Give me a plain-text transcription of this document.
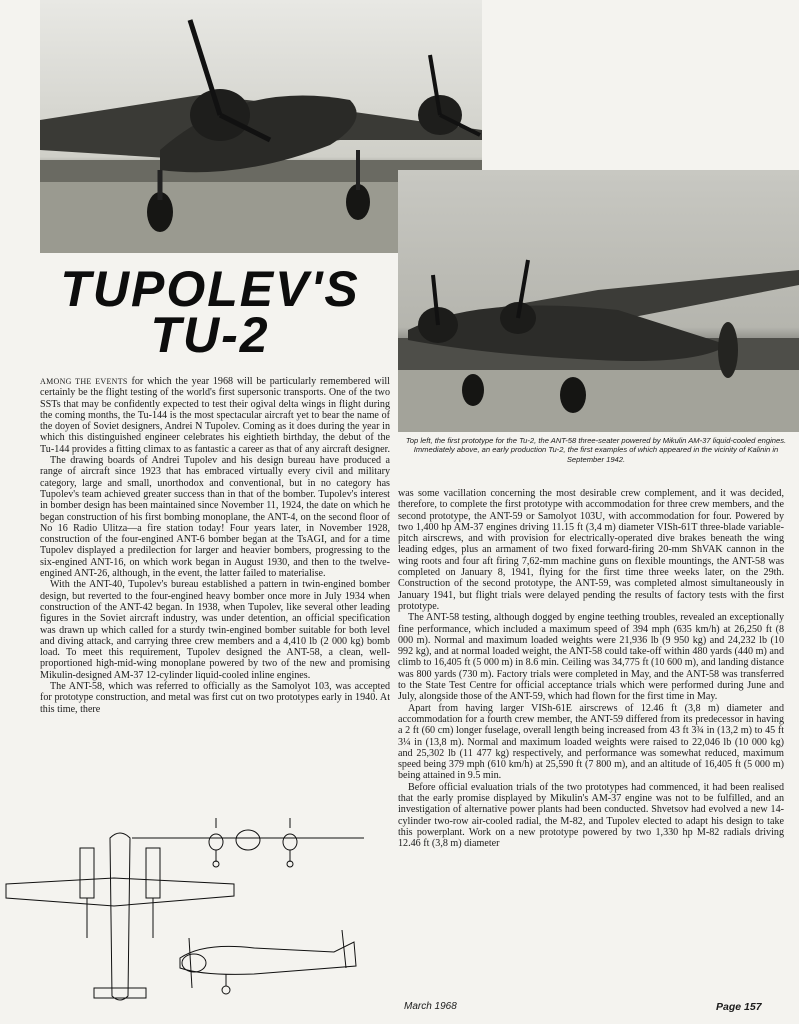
Top left, the first prototype for the Tu-2, the ANT-58 three-seater powered by Mikulin AM-37 liquid-cooled engines. Immediately above, an early production Tu-2, the first examples of which appeared in the vicinity of Kalinin in September 1942.
TUPOLEV'S
TU-2

AMONG THE EVENTS for which the year 1968 will be particularly remembered will certainly be the flight testing of the world's first supersonic transports. One of the two SSTs that may be confidently expected to test their ogival delta wings in flight during the coming months, the Tu-144 is the most spectacular aircraft yet to bear the name of the doyen of Soviet designers, Andrei N Tupolev. Coming as it does during the year in which this distinguished engineer celebrates his eightieth birthday, the debut of the Tu-144 provides a fitting climax to as fantastic a career as that of any aircraft designer.

The drawing boards of Andrei Tupolev and his design bureau have produced a range of aircraft since 1923 that has embraced virtually every civil and military category, large and small, unorthodox and conventional, but in no category has Tupolev's team achieved greater success than in that of the bomber. Tupolev's interest in bomber design has been maintained since November 11, 1924, the date on which he began construction of his first bombing monoplane, the ANT-4, on the second floor of No 16 Radio Ulitza—a fire station today! Four years later, in November 1928, construction of the four-engined ANT-6 bomber began at the TsAGI, and for a time Tupolev displayed a predilection for larger and heavier bombers, progressing to the six-engined ANT-16, on which work began in August 1930, and then to the twelve-engined ANT-26, although, in the event, the latter failed to materialise.

With the ANT-40, Tupolev's bureau established a pattern in twin-engined bomber design, but reverted to the four-engined heavy bomber once more in July 1934 when construction of the ANT-42 began. In 1938, when Tupolev, like several other leading figures in the Soviet aircraft industry, was under detention, an official specification was drawn up which called for a sturdy twin-engined bomber suitable for both level and diving attack, and carrying three crew members and a 4,410 lb (2 000 kg) bomb load. To meet this requirement, Tupolev designed the ANT-58, a clean, well-proportioned high-mid-wing monoplane powered by two of the new and promising Mikulin-designed AM-37 12-cylinder liquid-cooled inline engines.

The ANT-58, which was referred to officially as the Samolyot 103, was accepted for prototype construction, and metal was first cut on two prototypes early in 1940. At this time, there

was some vacillation concerning the most desirable crew complement, and it was decided, therefore, to complete the first prototype with accommodation for three crew members, and the second prototype, the ANT-59 or Samolyot 103U, with accommodation for four. Powered by two 1,400 hp AM-37 engines driving 11.15 ft (3,4 m) diameter VISh-61T three-blade variable-pitch airscrews, and with provision for electrically-operated dive brakes beneath the wing leading edges, plus an armament of two fixed forward-firing 20-mm ShVAK cannon in the wing roots and four aft firing 7,62-mm machine guns on flexible mountings, the ANT-58 was completed on January 8, 1941, flying for the first time three weeks later, on the 29th. Construction of the second prototype, the ANT-59, was completed almost simultaneously in January 1941, but flight trials were delayed pending the results of factory tests with the first prototype.

The ANT-58 testing, although dogged by engine teething troubles, revealed an exceptionally fine performance, which included a maximum speed of 394 mph (635 km/h) at 26,250 ft (8 000 m). Normal and maximum loaded weights were 21,936 lb (9 950 kg) and 24,232 lb (10 992 kg), and at normal loaded weight, the ANT-58 could take-off within 480 yards (440 m) and climb to 16,405 ft (5 000 m) in 8.6 min. Ceiling was 34,775 ft (10 600 m), and landing distance was 800 yards (730 m). Factory trials were completed in May, and the ANT-58 was transferred to the State Test Centre for official acceptance trials which were performed during June and July, alongside those of the ANT-59, which had flown for the first time in May.

Apart from having larger VISh-61E airscrews of 12.46 ft (3,8 m) diameter and accommodation for a fourth crew member, the ANT-59 differed from its predecessor in having a 2 ft (60 cm) longer fuselage, overall length being increased from 43 ft 3¾ in (13,2 m) to 45 ft 3¼ in (13,8 m). Normal and maximum loaded weights were raised to 22,046 lb (10 000 kg) and 25,302 lb (11 477 kg) respectively, and performance was somewhat reduced, maximum speed being 379 mph (610 km/h) at 25,590 ft (7 800 m), and an altitude of 16,405 ft (5 000 m) being attained in 9.5 min.

Before official evaluation trials of the two prototypes had commenced, it had been realised that the early promise displayed by Mikulin's AM-37 engine was not to be fulfilled, and an investigation of alternative power plants had been conducted. Shvetsov had evolved a new 14-cylinder two-row air-cooled radial, the M-82, and Tupolev elected to adapt his design to take this powerplant. Work on a new prototype powered by two 1,330 hp M-82 radials driving 12.46 ft (3,8 m) diameter

March 1968	Page 157
